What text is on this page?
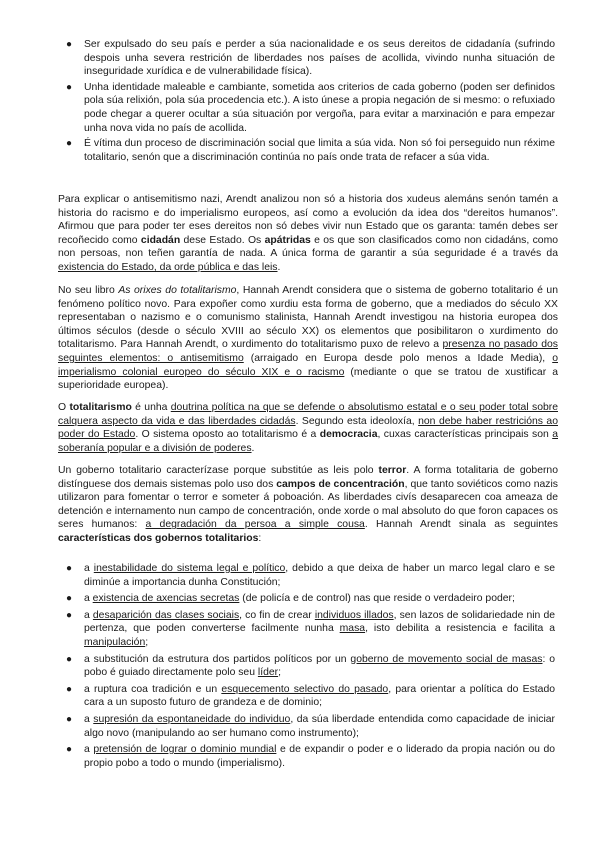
● Ser expulsado do seu país e perder a súa nacionalidade e os seus dereitos de cidadanía (sufrindo despois unha severa restrición de liberdades nos países de acollida, vivindo nunha situación de inseguridade xurídica e de vulnerabilidade física).
● Unha identidade maleable e cambiante, sometida aos criterios de cada goberno (poden ser definidos pola súa relixión, pola súa procedencia etc.). A isto únese a propia negación de si mesmo: o refuxiado pode chegar a querer ocultar a súa situación por vergoña, para evitar a marxinación e para empezar unha nova vida no país de acollida.
● É vítima dun proceso de discriminación social que limita a súa vida. Non só foi perseguido nun réxime totalitario, senón que a discriminación continúa no país onde trata de refacer a súa vida.

Para explicar o antisemitismo nazi, Arendt analizou non só a historia dos xudeus alemáns senón tamén a historia do racismo e do imperialismo europeos, así como a evolución da idea dos “dereitos humanos”. Afirmou que para poder ter eses dereitos non só debes vivir nun Estado que os garanta: tamén debes ser recoñecido como cidadán dese Estado. Os apátridas e os que son clasificados como non cidadáns, como non persoas, non teñen garantía de nada. A única forma de garantir a súa seguridade é a través da existencia do Estado, da orde pública e das leis.

No seu libro As orixes do totalitarismo, Hannah Arendt considera que o sistema de goberno totalitario é un fenómeno político novo. Para expoñer como xurdiu esta forma de goberno, que a mediados do século XX representaban o nazismo e o comunismo stalinista, Hannah Arendt investigou na historia europea dos últimos séculos (desde o século XVIII ao século XX) os elementos que posibilitaron o xurdimento do totalitarismo. Para Hannah Arendt, o xurdimento do totalitarismo puxo de relevo a presenza no pasado dos seguintes elementos: o antisemitismo (arraigado en Europa desde polo menos a Idade Media), o imperialismo colonial europeo do século XIX e o racismo (mediante o que se tratou de xustificar a superioridade europea).

O totalitarismo é unha doutrina política na que se defende o absolutismo estatal e o seu poder total sobre calquera aspecto da vida e das liberdades cidadás. Segundo esta ideoloxía, non debe haber restricións ao poder do Estado. O sistema oposto ao totalitarismo é a democracia, cuxas características principais son a soberanía popular e a división de poderes.

Un goberno totalitario caracterízase porque substitúe as leis polo terror. A forma totalitaria de goberno distínguese dos demais sistemas polo uso dos campos de concentración, que tanto soviéticos como nazis utilizaron para fomentar o terror e someter á poboación. As liberdades civís desaparecen coa ameaza de detención e internamento nun campo de concentración, onde xorde o mal absoluto do que foron capaces os seres humanos: a degradación da persoa a simple cousa. Hannah Arendt sinala as seguintes características dos gobernos totalitarios:

● a inestabilidade do sistema legal e político, debido a que deixa de haber un marco legal claro e se diminúe a importancia dunha Constitución;
● a existencia de axencias secretas (de policía e de control) nas que reside o verdadeiro poder;
● a desaparición das clases sociais, co fin de crear individuos illados, sen lazos de solidariedade nin de pertenza, que poden converterse facilmente nunha masa, isto debilita a resistencia e facilita a manipulación;
● a substitución da estrutura dos partidos políticos por un goberno de movemento social de masas: o pobo é guiado directamente polo seu líder;
● a ruptura coa tradición e un esquecemento selectivo do pasado, para orientar a política do Estado cara a un suposto futuro de grandeza e de dominio;
● a supresión da espontaneidade do individuo, da súa liberdade entendida como capacidade de iniciar algo novo (manipulando ao ser humano como instrumento);
● a pretensión de lograr o dominio mundial e de expandir o poder e o liderado da propia nación ou do propio pobo a todo o mundo (imperialismo).
